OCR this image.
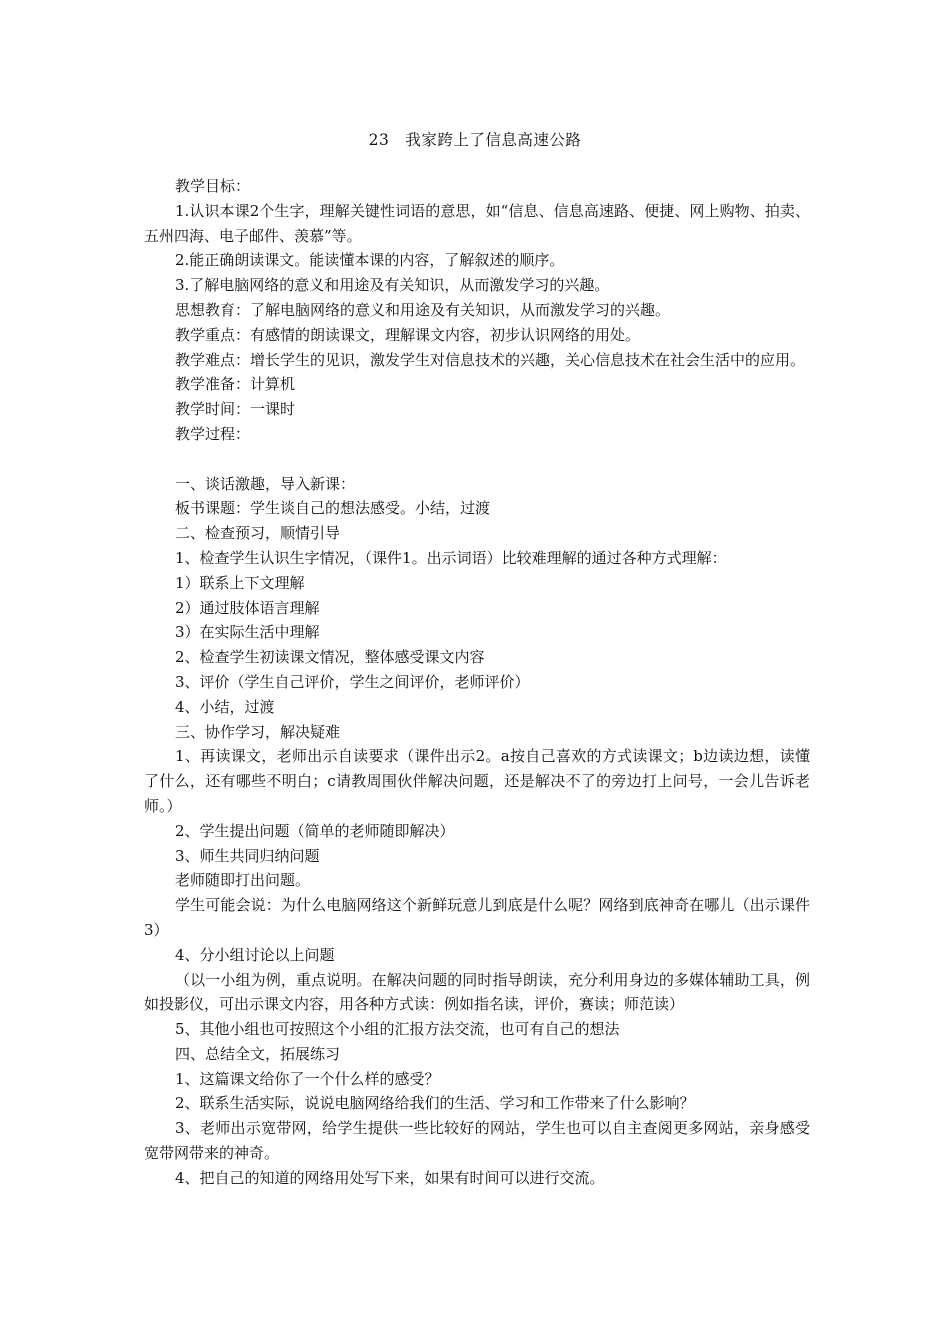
23　我家跨上了信息高速公路

教学目标：

1.认识本课2个生字，理解关键性词语的意思，如“信息、信息高速路、便捷、网上购物、拍卖、五州四海、电子邮件、羡慕”等。

2.能正确朗读课文。能读懂本课的内容，了解叙述的顺序。

3.了解电脑网络的意义和用途及有关知识，从而激发学习的兴趣。

思想教育：了解电脑网络的意义和用途及有关知识，从而激发学习的兴趣。

教学重点：有感情的朗读课文，理解课文内容，初步认识网络的用处。

教学难点：增长学生的见识，激发学生对信息技术的兴趣，关心信息技术在社会生活中的应用。

教学准备：计算机

教学时间：一课时

教学过程：

一、谈话激趣，导入新课：

板书课题：学生谈自己的想法感受。小结，过渡

二、检查预习，顺情引导

1、检查学生认识生字情况，（课件1。出示词语）比较难理解的通过各种方式理解：

1）联系上下文理解

2）通过肢体语言理解

3）在实际生活中理解

2、检查学生初读课文情况，整体感受课文内容

3、评价（学生自己评价，学生之间评价，老师评价）

4、小结，过渡

三、协作学习，解决疑难

1、再读课文，老师出示自读要求（课件出示2。a按自己喜欢的方式读课文；b边读边想，读懂了什么，还有哪些不明白；c请教周围伙伴解决问题，还是解决不了的旁边打上问号，一会儿告诉老师。）

2、学生提出问题（简单的老师随即解决）

3、师生共同归纳问题

老师随即打出问题。

学生可能会说：为什么电脑网络这个新鲜玩意儿到底是什么呢？网络到底神奇在哪儿（出示课件3）

4、分小组讨论以上问题

（以一小组为例，重点说明。在解决问题的同时指导朗读，充分利用身边的多媒体辅助工具，例如投影仪，可出示课文内容，用各种方式读：例如指名读，评价，赛读；师范读）

5、其他小组也可按照这个小组的汇报方法交流，也可有自己的想法

四、总结全文，拓展练习

1、这篇课文给你了一个什么样的感受？

2、联系生活实际，说说电脑网络给我们的生活、学习和工作带来了什么影响？

3、老师出示宽带网，给学生提供一些比较好的网站，学生也可以自主查阅更多网站，亲身感受宽带网带来的神奇。

4、把自己的知道的网络用处写下来，如果有时间可以进行交流。
